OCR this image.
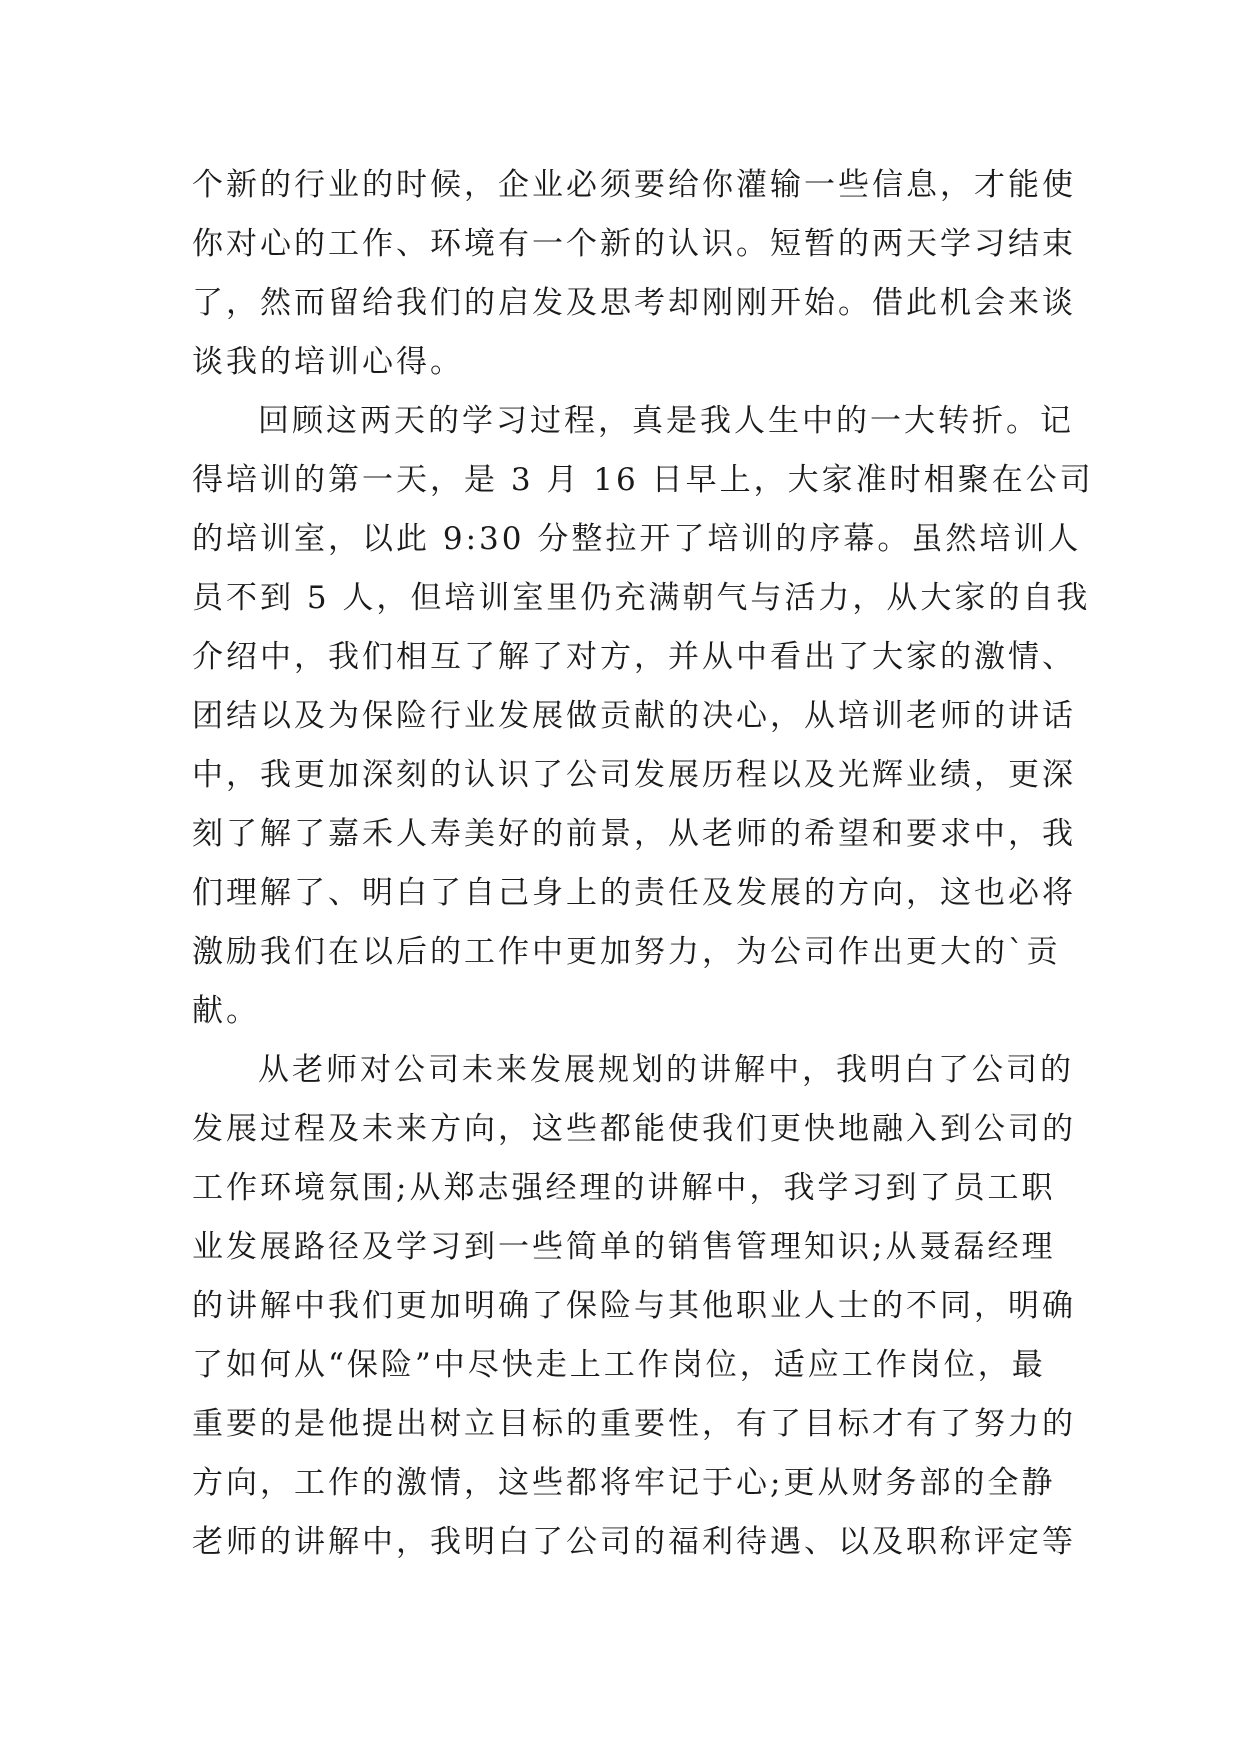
个新的行业的时候，企业必须要给你灌输一些信息，才能使
你对心的工作、环境有一个新的认识。短暂的两天学习结束
了，然而留给我们的启发及思考却刚刚开始。借此机会来谈
谈我的培训心得。
回顾这两天的学习过程，真是我人生中的一大转折。记
得培训的第一天，是 3 月 16 日早上，大家准时相聚在公司
的培训室，以此 9:30 分整拉开了培训的序幕。虽然培训人
员不到 5 人，但培训室里仍充满朝气与活力，从大家的自我
介绍中，我们相互了解了对方，并从中看出了大家的激情、
团结以及为保险行业发展做贡献的决心，从培训老师的讲话
中，我更加深刻的认识了公司发展历程以及光辉业绩，更深
刻了解了嘉禾人寿美好的前景，从老师的希望和要求中，我
们理解了、明白了自己身上的责任及发展的方向，这也必将
激励我们在以后的工作中更加努力，为公司作出更大的`贡
献。
从老师对公司未来发展规划的讲解中，我明白了公司的
发展过程及未来方向，这些都能使我们更快地融入到公司的
工作环境氛围;从郑志强经理的讲解中，我学习到了员工职
业发展路径及学习到一些简单的销售管理知识;从聂磊经理
的讲解中我们更加明确了保险与其他职业人士的不同，明确
了如何从“保险”中尽快走上工作岗位，适应工作岗位，最
重要的是他提出树立目标的重要性，有了目标才有了努力的
方向，工作的激情，这些都将牢记于心;更从财务部的全静
老师的讲解中，我明白了公司的福利待遇、以及职称评定等
